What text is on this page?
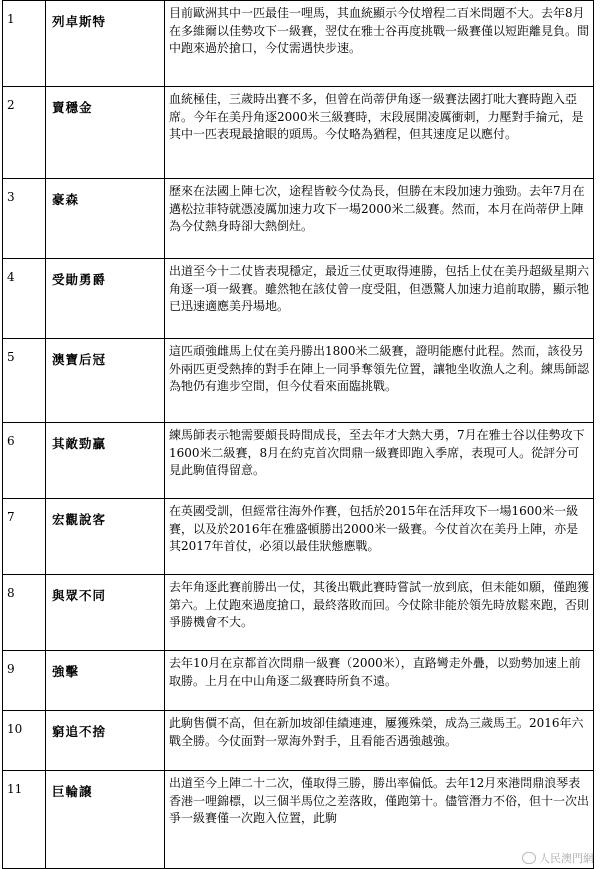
1	列卓斯特	目前歐洲其中一匹最佳一哩馬，其血統顯示今仗增程二百米問題不大。去年8月在多維爾以佳勢攻下一級賽，翌仗在雅士谷再度挑戰一級賽僅以短距離見負。間中跑來過於搶口，今仗需遇快步速。
2	賣穩金	血統極佳，三歲時出賽不多，但曾在尚蒂伊角逐一級賽法國打吡大賽時跑入亞席。今年在美丹角逐2000米三級賽時，末段展開凌厲衝刺，力壓對手掄元，是其中一匹表現最搶眼的頭馬。今仗略為猶程，但其速度足以應付。
3	豪森	歷來在法國上陣七次，途程皆較今仗為長，但勝在末段加速力強勁。去年7月在邁松拉菲特就憑凌厲加速力攻下一場2000米二級賽。然而，本月在尚蒂伊上陣為今仗熱身時卻大熱倒灶。
4	受勛勇爵	出道至今十二仗皆表現穩定，最近三仗更取得連勝，包括上仗在美丹超級星期六角逐一項一級賽。雖然牠在該仗曾一度受阻，但憑驚人加速力追前取勝，顯示牠已迅速適應美丹場地。
5	澳寶后冠	這匹頑強雌馬上仗在美丹勝出1800米二級賽，證明能應付此程。然而，該役另外兩匹更受熱捧的對手在陣上一同爭奪領先位置，讓牠坐收漁人之利。練馬師認為牠仍有進步空間，但今仗看來面臨挑戰。
6	其敵勁贏	練馬師表示牠需要頗長時間成長，至去年才大熱大勇，7月在雅士谷以佳勢攻下1600米二級賽，8月在約克首次問鼎一級賽即跑入季席，表現可人。從評分可見此駒值得留意。
7	宏觀說客	在英國受訓，但經常往海外作賽，包括於2015年在活拜攻下一場1600米一級賽，以及於2016年在雅盛頓勝出2000米一級賽。今仗首次在美丹上陣，亦是其2017年首仗，必須以最佳狀態應戰。
8	與眾不同	去年角逐此賽前勝出一仗，其後出戰此賽時嘗試一放到底，但未能如願，僅跑獲第六。上仗跑來過度搶口，最終落敗而回。今仗除非能於領先時放鬆來跑，否則爭勝機會不大。
9	強擊	去年10月在京都首次問鼎一級賽（2000米），直路彎走外疊，以勁勢加速上前取勝。上月在中山角逐二級賽時所負不遠。
10	窮追不捨	此駒售價不高，但在新加坡卻佳績連連，屢獲殊榮，成為三歲馬王。2016年六戰全勝。今仗面對一眾海外對手，且看能否遇強越強。
11	巨輪譲	出道至今上陣二十二次，僅取得三勝，勝出率偏低。去年12月來港問鼎浪琴表香港一哩錦標，以三個半馬位之差落敗，僅跑第十。儘管潛力不俗，但十一次出爭一級賽僅一次跑入位置，此駒
人民澳門網
